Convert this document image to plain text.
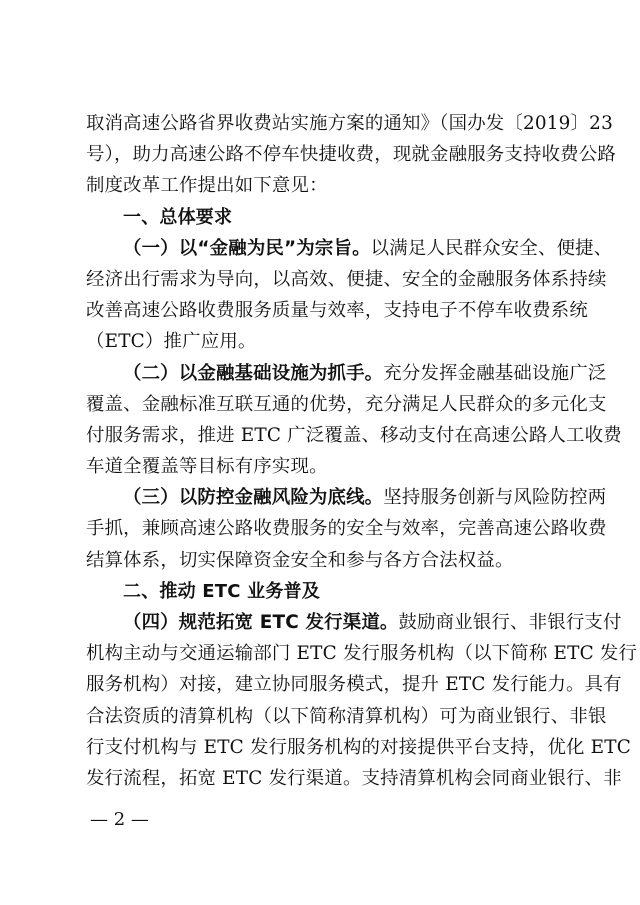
取消高速公路省界收费站实施方案的通知》（国办发〔2019〕23
号），助力高速公路不停车快捷收费，现就金融服务支持收费公路
制度改革工作提出如下意见：
一、总体要求
（一）以“金融为民”为宗旨。以满足人民群众安全、便捷、
经济出行需求为导向，以高效、便捷、安全的金融服务体系持续
改善高速公路收费服务质量与效率，支持电子不停车收费系统
（ETC）推广应用。
（二）以金融基础设施为抓手。充分发挥金融基础设施广泛
覆盖、金融标准互联互通的优势，充分满足人民群众的多元化支
付服务需求，推进 ETC 广泛覆盖、移动支付在高速公路人工收费
车道全覆盖等目标有序实现。
（三）以防控金融风险为底线。坚持服务创新与风险防控两
手抓，兼顾高速公路收费服务的安全与效率，完善高速公路收费
结算体系，切实保障资金安全和参与各方合法权益。
二、推动 ETC 业务普及
（四）规范拓宽 ETC 发行渠道。鼓励商业银行、非银行支付
机构主动与交通运输部门 ETC 发行服务机构（以下简称 ETC 发行
服务机构）对接，建立协同服务模式，提升 ETC 发行能力。具有
合法资质的清算机构（以下简称清算机构）可为商业银行、非银
行支付机构与 ETC 发行服务机构的对接提供平台支持，优化 ETC
发行流程，拓宽 ETC 发行渠道。支持清算机构会同商业银行、非
— 2 —
